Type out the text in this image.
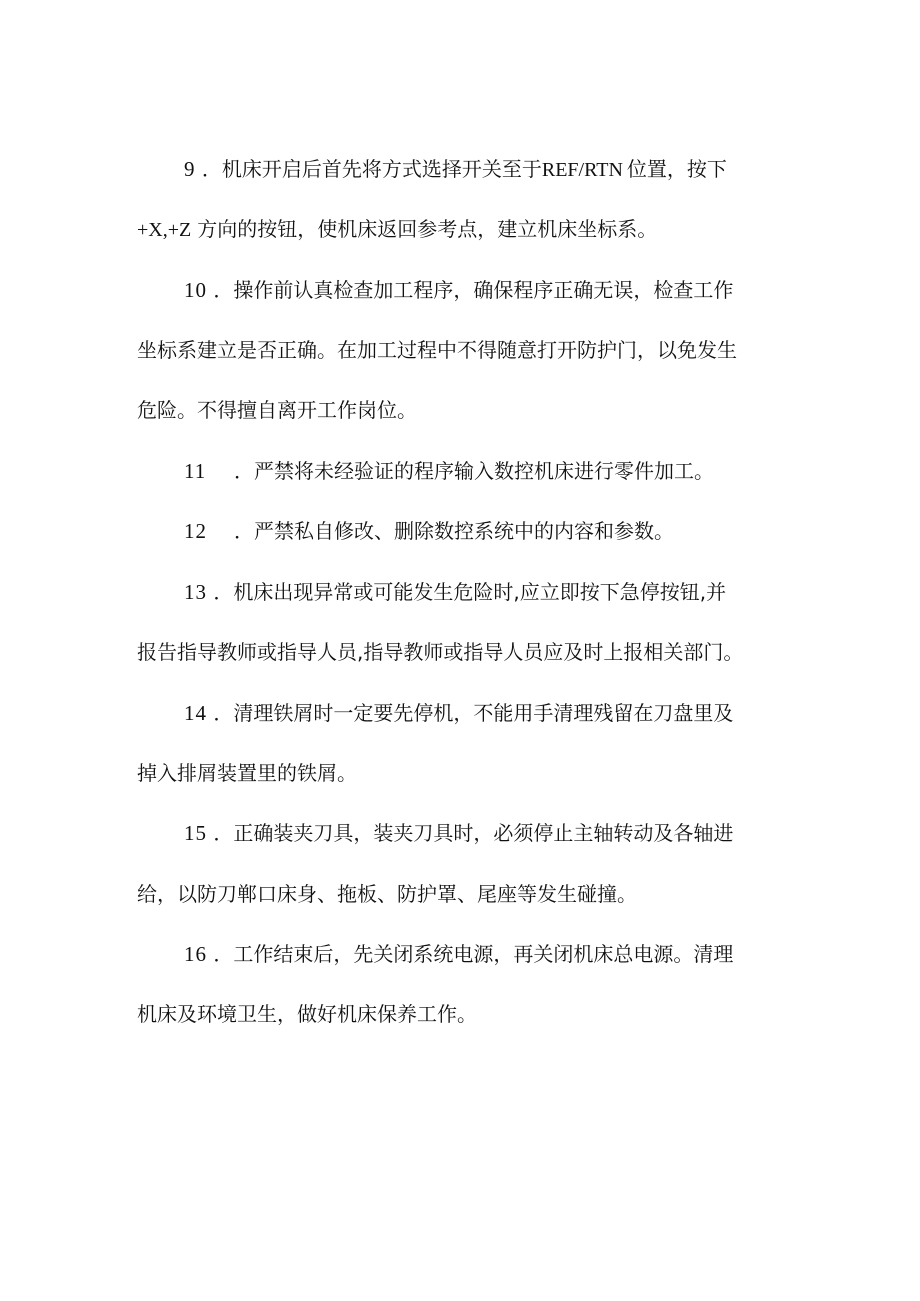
9 ．机床开启后首先将方式选择开关至于REF/RTN 位置，按下
+X,+Z 方向的按钮，使机床返回参考点，建立机床坐标系。
10 ．操作前认真检查加工程序，确保程序正确无误，检查工作
坐标系建立是否正确。在加工过程中不得随意打开防护门，以免发生
危险。不得擅自离开工作岗位。
11 ．严禁将未经验证的程序输入数控机床进行零件加工。
12 ．严禁私自修改、删除数控系统中的内容和参数。
13 ．机床出现异常或可能发生危险时,应立即按下急停按钮,并
报告指导教师或指导人员,指导教师或指导人员应及时上报相关部门。
14 ．清理铁屑时一定要先停机，不能用手清理残留在刀盘里及
掉入排屑装置里的铁屑。
15 ．正确装夹刀具，装夹刀具时，必须停止主轴转动及各轴进
给，以防刀郸口床身、拖板、防护罩、尾座等发生碰撞。
16 ．工作结束后，先关闭系统电源，再关闭机床总电源。清理
机床及环境卫生，做好机床保养工作。
